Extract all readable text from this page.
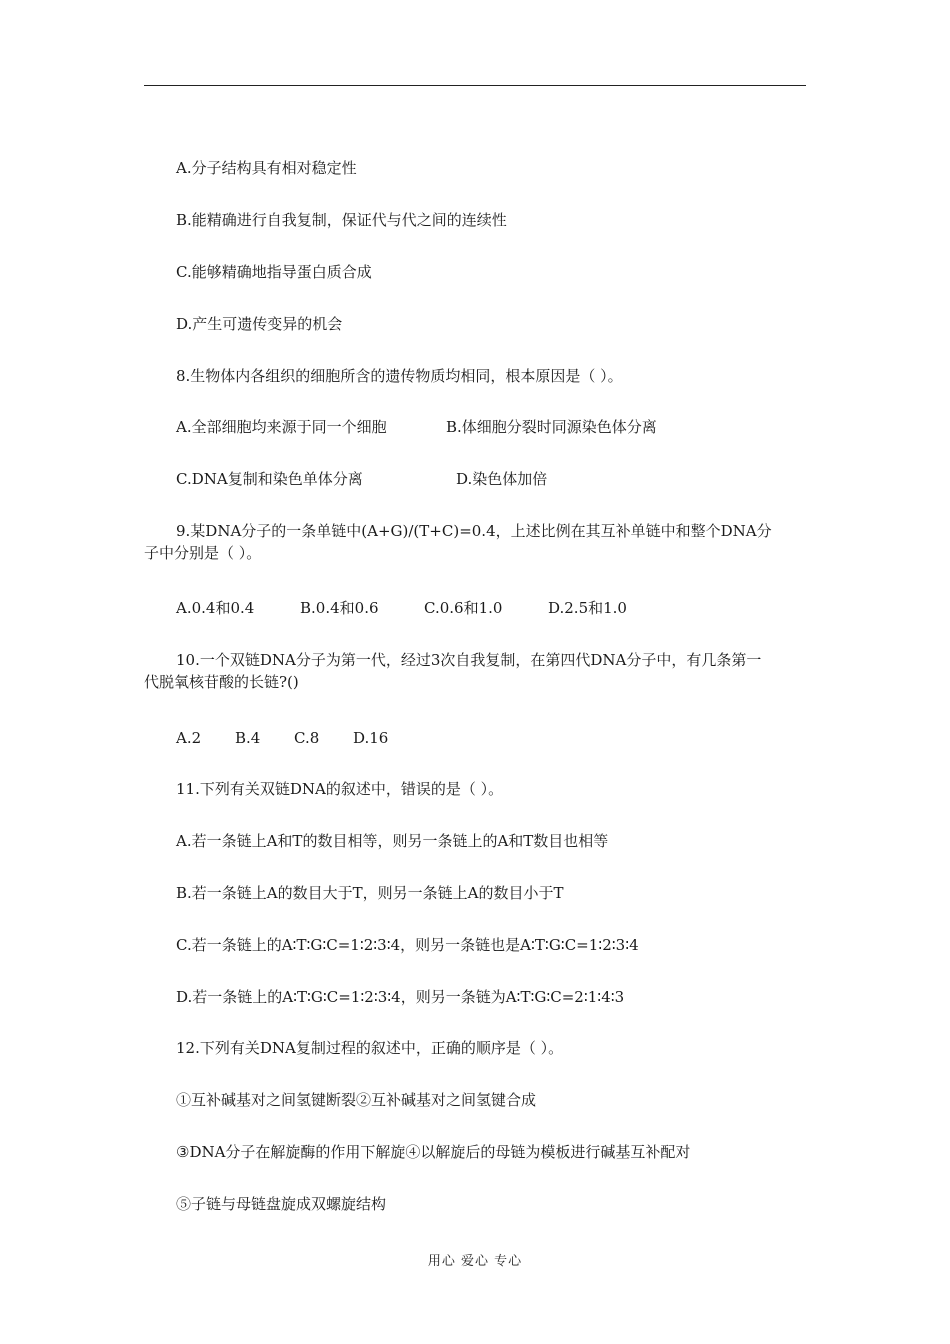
A.分子结构具有相对稳定性
B.能精确进行自我复制，保证代与代之间的连续性
C.能够精确地指导蛋白质合成
D.产生可遗传变异的机会
8.生物体内各组织的细胞所含的遗传物质均相同，根本原因是（ ）。
A.全部细胞均来源于同一个细胞	B.体细胞分裂时同源染色体分离
C.DNA复制和染色单体分离	D.染色体加倍
9.某DNA分子的一条单链中(A+G)/(T+C)=0.4，上述比例在其互补单链中和整个DNA分
子中分别是（ ）。
A.0.4和0.4	B.0.4和0.6	C.0.6和1.0	D.2.5和1.0
10.一个双链DNA分子为第一代，经过3次自我复制，在第四代DNA分子中，有几条第一
代脱氧核苷酸的长链?()
A.2 B.4 C.8 D.16
11.下列有关双链DNA的叙述中，错误的是（ ）。
A.若一条链上A和T的数目相等，则另一条链上的A和T数目也相等
B.若一条链上A的数目大于T，则另一条链上A的数目小于T
C.若一条链上的A∶T∶G∶C=1∶2∶3∶4，则另一条链也是A∶T∶G∶C=1∶2∶3∶4
D.若一条链上的A∶T∶G∶C=1∶2∶3∶4，则另一条链为A∶T∶G∶C=2∶1∶4∶3
12.下列有关DNA复制过程的叙述中，正确的顺序是（ ）。
①互补碱基对之间氢键断裂②互补碱基对之间氢键合成
③DNA分子在解旋酶的作用下解旋④以解旋后的母链为模板进行碱基互补配对
⑤子链与母链盘旋成双螺旋结构
用心 爱心 专心
